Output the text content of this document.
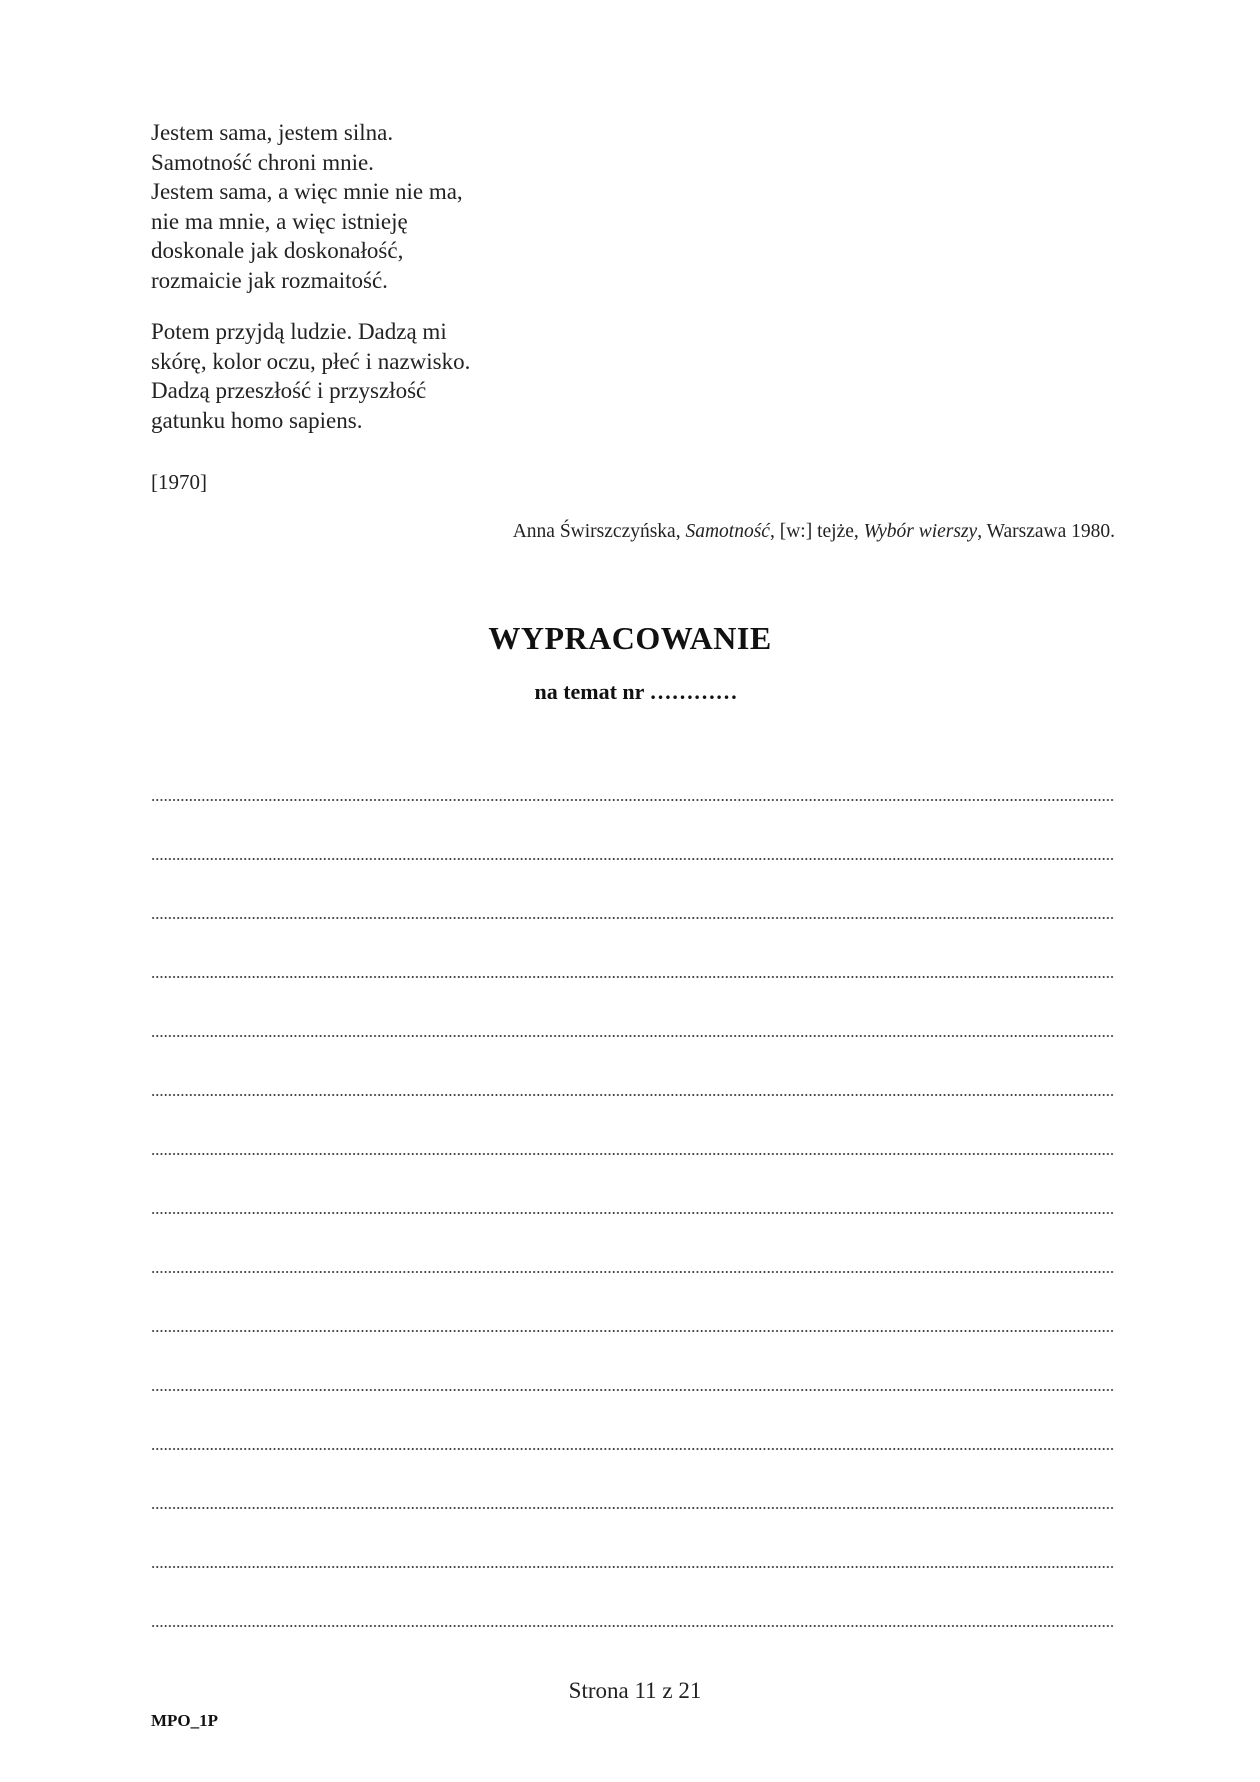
Jestem sama, jestem silna.
Samotność chroni mnie.
Jestem sama, a więc mnie nie ma,
nie ma mnie, a więc istnieję
doskonale jak doskonałość,
rozmaicie jak rozmaitość.
Potem przyjdą ludzie. Dadzą mi
skórę, kolor oczu, płeć i nazwisko.
Dadzą przeszłość i przyszłość
gatunku homo sapiens.
[1970]
Anna Świrszczyńska, Samotność, [w:] tejże, Wybór wierszy, Warszawa 1980.
WYPRACOWANIE
na temat nr …………
Strona 11 z 21
MPO_1P
